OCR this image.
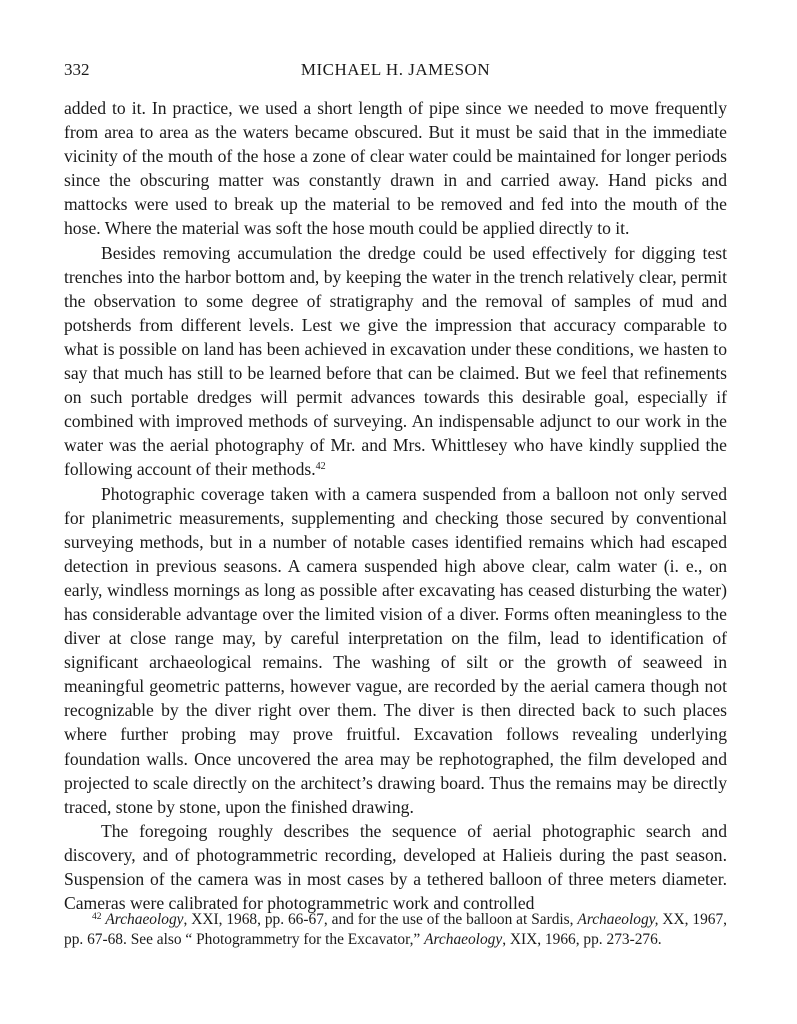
332	MICHAEL H. JAMESON

added to it. In practice, we used a short length of pipe since we needed to move frequently from area to area as the waters became obscured. But it must be said that in the immediate vicinity of the mouth of the hose a zone of clear water could be maintained for longer periods since the obscuring matter was constantly drawn in and carried away. Hand picks and mattocks were used to break up the material to be removed and fed into the mouth of the hose. Where the material was soft the hose mouth could be applied directly to it.

Besides removing accumulation the dredge could be used effectively for digging test trenches into the harbor bottom and, by keeping the water in the trench relatively clear, permit the observation to some degree of stratigraphy and the removal of samples of mud and potsherds from different levels. Lest we give the impression that accuracy comparable to what is possible on land has been achieved in excavation under these conditions, we hasten to say that much has still to be learned before that can be claimed. But we feel that refinements on such portable dredges will permit advances towards this desirable goal, especially if combined with improved methods of surveying. An indispensable adjunct to our work in the water was the aerial photography of Mr. and Mrs. Whittlesey who have kindly supplied the following account of their methods.$^{42}$

Photographic coverage taken with a camera suspended from a balloon not only served for planimetric measurements, supplementing and checking those secured by conventional surveying methods, but in a number of notable cases identified remains which had escaped detection in previous seasons. A camera suspended high above clear, calm water (i. e., on early, windless mornings as long as possible after excavating has ceased disturbing the water) has considerable advantage over the limited vision of a diver. Forms often meaningless to the diver at close range may, by careful interpretation on the film, lead to identification of significant archaeological remains. The washing of silt or the growth of seaweed in meaningful geometric patterns, however vague, are recorded by the aerial camera though not recognizable by the diver right over them. The diver is then directed back to such places where further probing may prove fruitful. Excavation follows revealing underlying foundation walls. Once uncovered the area may be rephotographed, the film developed and projected to scale directly on the architect’s drawing board. Thus the remains may be directly traced, stone by stone, upon the finished drawing.

The foregoing roughly describes the sequence of aerial photographic search and discovery, and of photogrammetric recording, developed at Halieis during the past season. Suspension of the camera was in most cases by a tethered balloon of three meters diameter. Cameras were calibrated for photogrammetric work and controlled

$^{42}$ Archaeology, XXI, 1968, pp. 66-67, and for the use of the balloon at Sardis, Archaeology, XX, 1967, pp. 67-68. See also “ Photogrammetry for the Excavator,” Archaeology, XIX, 1966, pp. 273-276.
